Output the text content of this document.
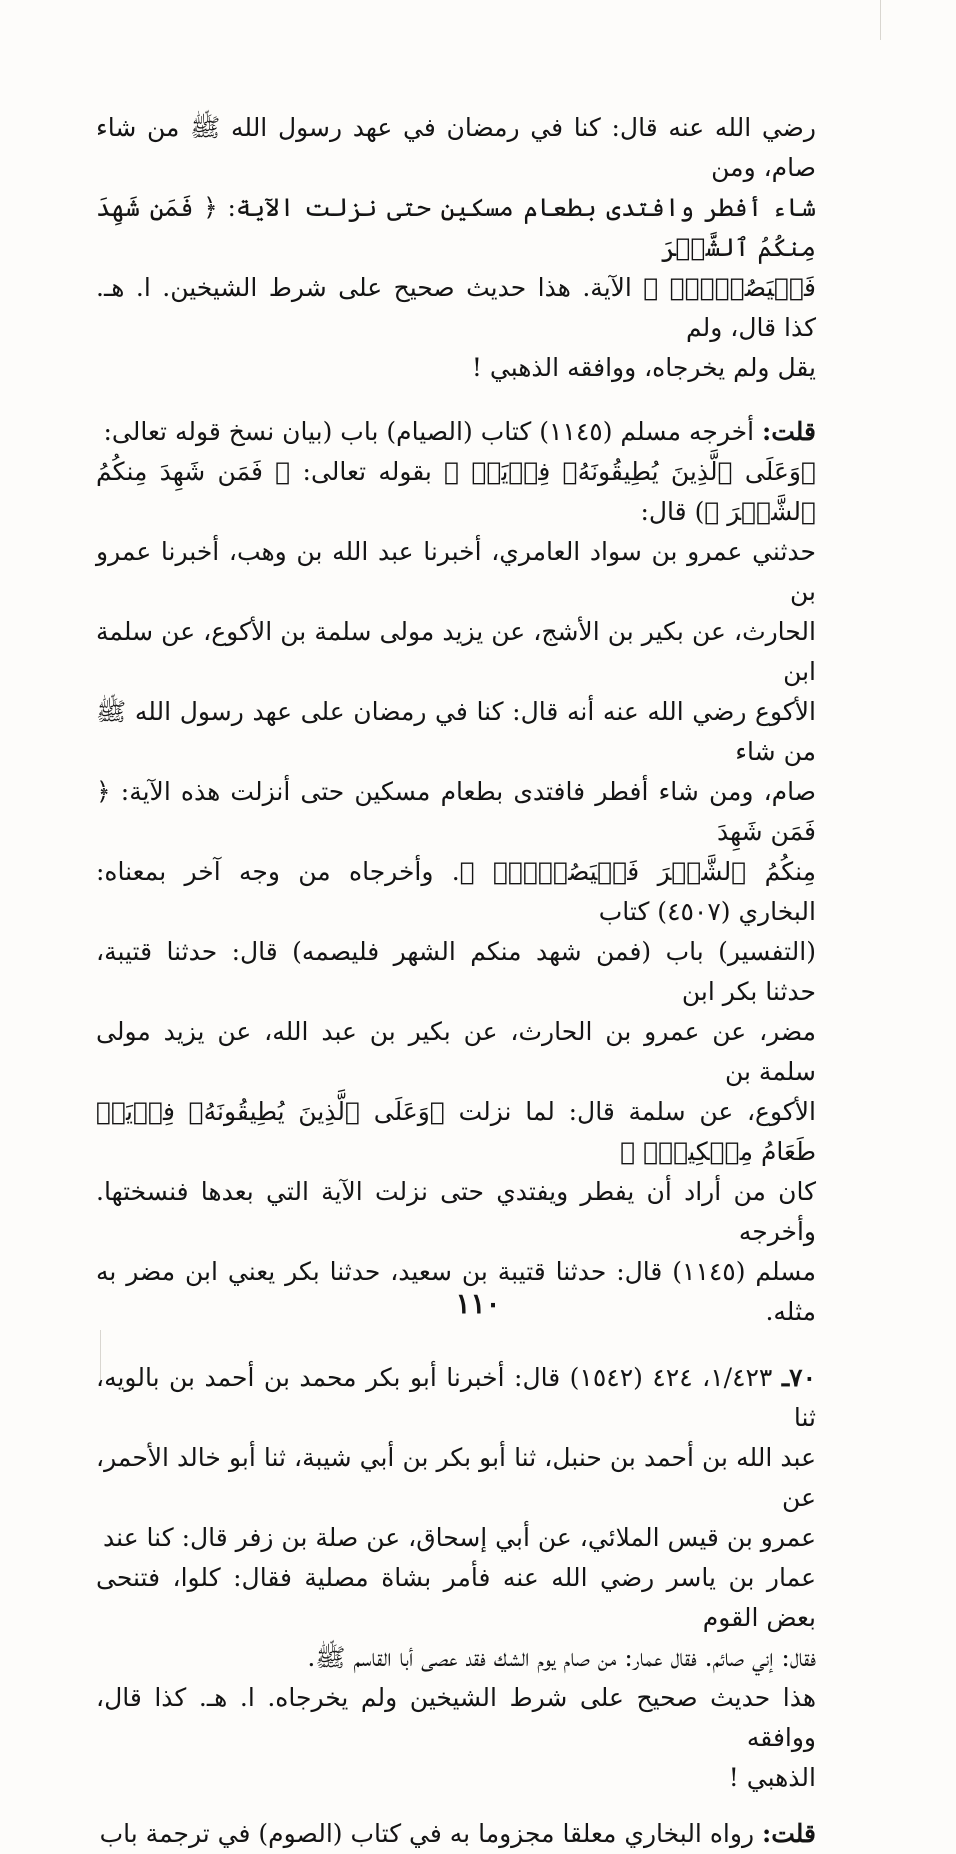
رضي الله عنه قال: كنا في رمضان في عهد رسول الله ﷺ من شاء صام، ومن

شاء أفطر وافتدى بطعام مسكين حتى نزلت الآية: ﴿ فَمَن شَهِدَ مِنكُمُ ٱلشَّهۡرَ

فَلۡيَصُمۡهُۖ ﴾ الآية. هذا حديث صحيح على شرط الشيخين. ا. هـ. كذا قال، ولم

يقل ولم يخرجاه، ووافقه الذهبي !

قلت: أخرجه مسلم (١١٤٥) كتاب (الصيام) باب (بيان نسخ قوله تعالى:

﴿وَعَلَى ٱلَّذِينَ يُطِيقُونَهُۥ فِدۡيَةٞ ﴾ بقوله تعالى: ﴿ فَمَن شَهِدَ مِنكُمُ ٱلشَّهۡرَ ﴾) قال:

حدثني عمرو بن سواد العامري، أخبرنا عبد الله بن وهب، أخبرنا عمرو بن

الحارث، عن بكير بن الأشج، عن يزيد مولى سلمة بن الأكوع، عن سلمة ابن

الأكوع رضي الله عنه أنه قال: كنا في رمضان على عهد رسول الله ﷺ من شاء

صام، ومن شاء أفطر فافتدى بطعام مسكين حتى أنزلت هذه الآية: ﴿ فَمَن شَهِدَ

مِنكُمُ ٱلشَّهۡرَ فَلۡيَصُمۡهُۖ ﴾. وأخرجاه من وجه آخر بمعناه: البخاري (٤٥٠٧) كتاب

(التفسير) باب (فمن شهد منكم الشهر فليصمه) قال: حدثنا قتيبة، حدثنا بكر ابن

مضر، عن عمرو بن الحارث، عن بكير بن عبد الله، عن يزيد مولى سلمة بن

الأكوع، عن سلمة قال: لما نزلت ﴿وَعَلَى ٱلَّذِينَ يُطِيقُونَهُۥ فِدۡيَةٞ طَعَامُ مِسۡكِينٖۖ ﴾

كان من أراد أن يفطر ويفتدي حتى نزلت الآية التي بعدها فنسختها. وأخرجه

مسلم (١١٤٥) قال: حدثنا قتيبة بن سعيد، حدثنا بكر يعني ابن مضر به مثله.

٧٠ـ ١/٤٢٣، ٤٢٤ (١٥٤٢) قال: أخبرنا أبو بكر محمد بن أحمد بن بالويه، ثنا

عبد الله بن أحمد بن حنبل، ثنا أبو بكر بن أبي شيبة، ثنا أبو خالد الأحمر، عن

عمرو بن قيس الملائي، عن أبي إسحاق، عن صلة بن زفر قال: كنا عند

عمار بن ياسر رضي الله عنه فأمر بشاة مصلية فقال: كلوا، فتنحى بعض القوم

فقال: إني صائم. فقال عمار: من صام يوم الشك فقد عصى أبا القاسم ﷺ.

هذا حديث صحيح على شرط الشيخين ولم يخرجاه. ا. هـ. كذا قال، ووافقه

الذهبي !

قلت: رواه البخاري معلقا مجزوما به في كتاب (الصوم) في ترجمة باب

١١٠
